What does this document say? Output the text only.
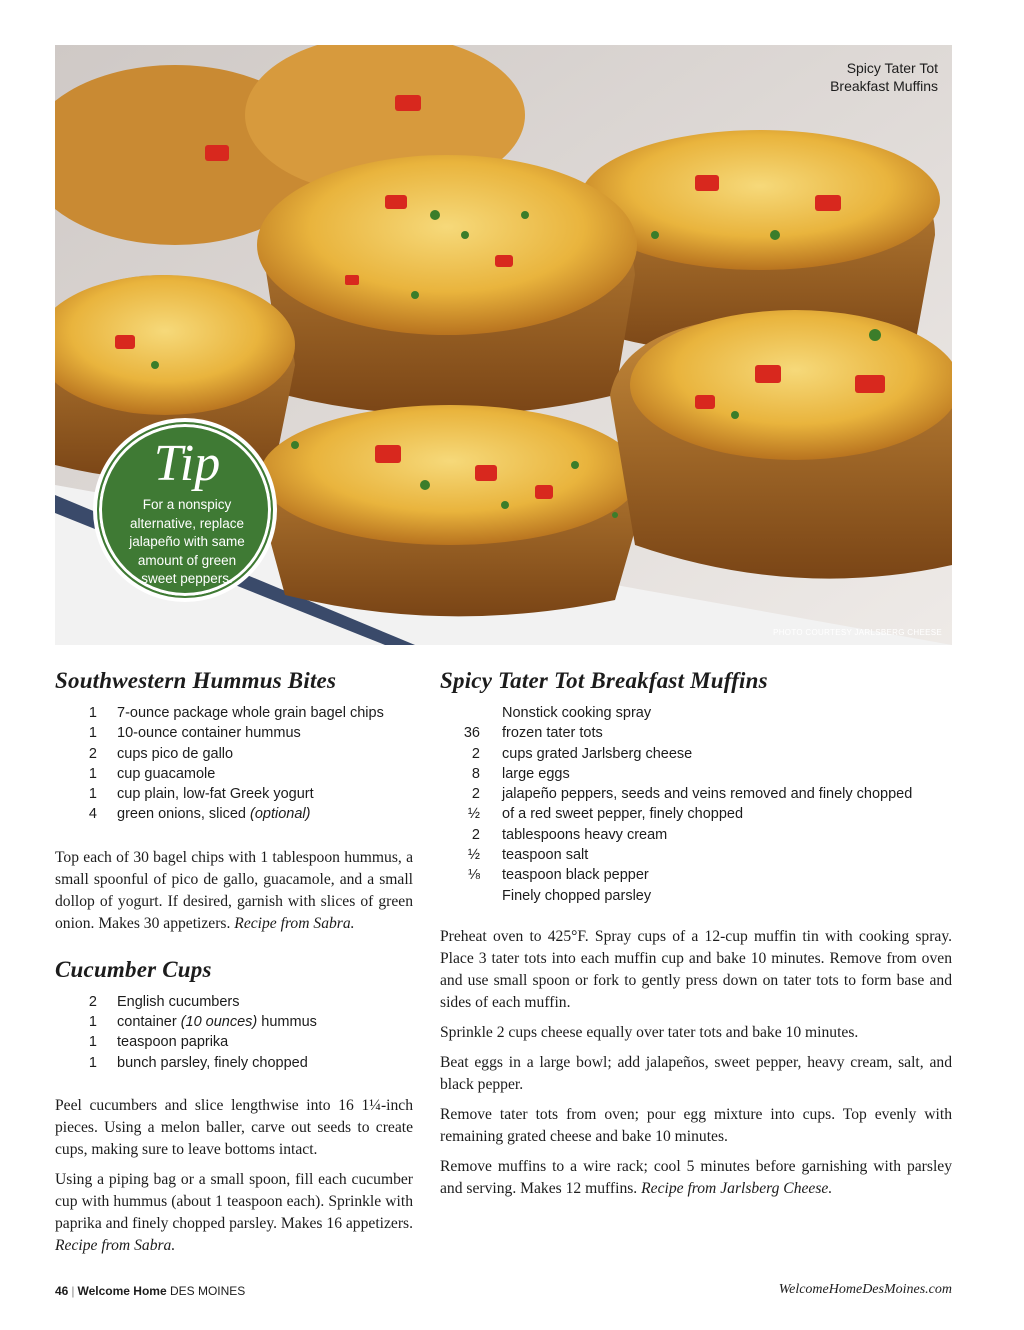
Spicy Tater Tot
Breakfast Muffins
PHOTO COURTESY JARLSBERG CHEESE
Tip
For a nonspicy alternative, replace jalapeño with same amount of green sweet peppers.
Southwestern Hummus Bites
1 7-ounce package whole grain bagel chips
1 10-ounce container hummus
2 cups pico de gallo
1 cup guacamole
1 cup plain, low-fat Greek yogurt
4 green onions, sliced (optional)

Top each of 30 bagel chips with 1 tablespoon hummus, a small spoonful of pico de gallo, guacamole, and a small dollop of yogurt. If desired, garnish with slices of green onion. Makes 30 appetizers. Recipe from Sabra.

Cucumber Cups
2 English cucumbers
1 container (10 ounces) hummus
1 teaspoon paprika
1 bunch parsley, finely chopped

Peel cucumbers and slice lengthwise into 16 1¼-inch pieces. Using a melon baller, carve out seeds to create cups, making sure to leave bottoms intact.

Using a piping bag or a small spoon, fill each cucumber cup with hummus (about 1 teaspoon each). Sprinkle with paprika and finely chopped parsley. Makes 16 appetizers. Recipe from Sabra.

Spicy Tater Tot Breakfast Muffins
Nonstick cooking spray
36 frozen tater tots
2 cups grated Jarlsberg cheese
8 large eggs
2 jalapeño peppers, seeds and veins removed and finely chopped
½ of a red sweet pepper, finely chopped
2 tablespoons heavy cream
½ teaspoon salt
⅛ teaspoon black pepper
Finely chopped parsley

Preheat oven to 425°F. Spray cups of a 12-cup muffin tin with cooking spray. Place 3 tater tots into each muffin cup and bake 10 minutes. Remove from oven and use small spoon or fork to gently press down on tater tots to form base and sides of each muffin.

Sprinkle 2 cups cheese equally over tater tots and bake 10 minutes.

Beat eggs in a large bowl; add jalapeños, sweet pepper, heavy cream, salt, and black pepper.

Remove tater tots from oven; pour egg mixture into cups. Top evenly with remaining grated cheese and bake 10 minutes.

Remove muffins to a wire rack; cool 5 minutes before garnishing with parsley and serving. Makes 12 muffins. Recipe from Jarlsberg Cheese.

46 | Welcome Home DES MOINES	WelcomeHomeDesMoines.com
